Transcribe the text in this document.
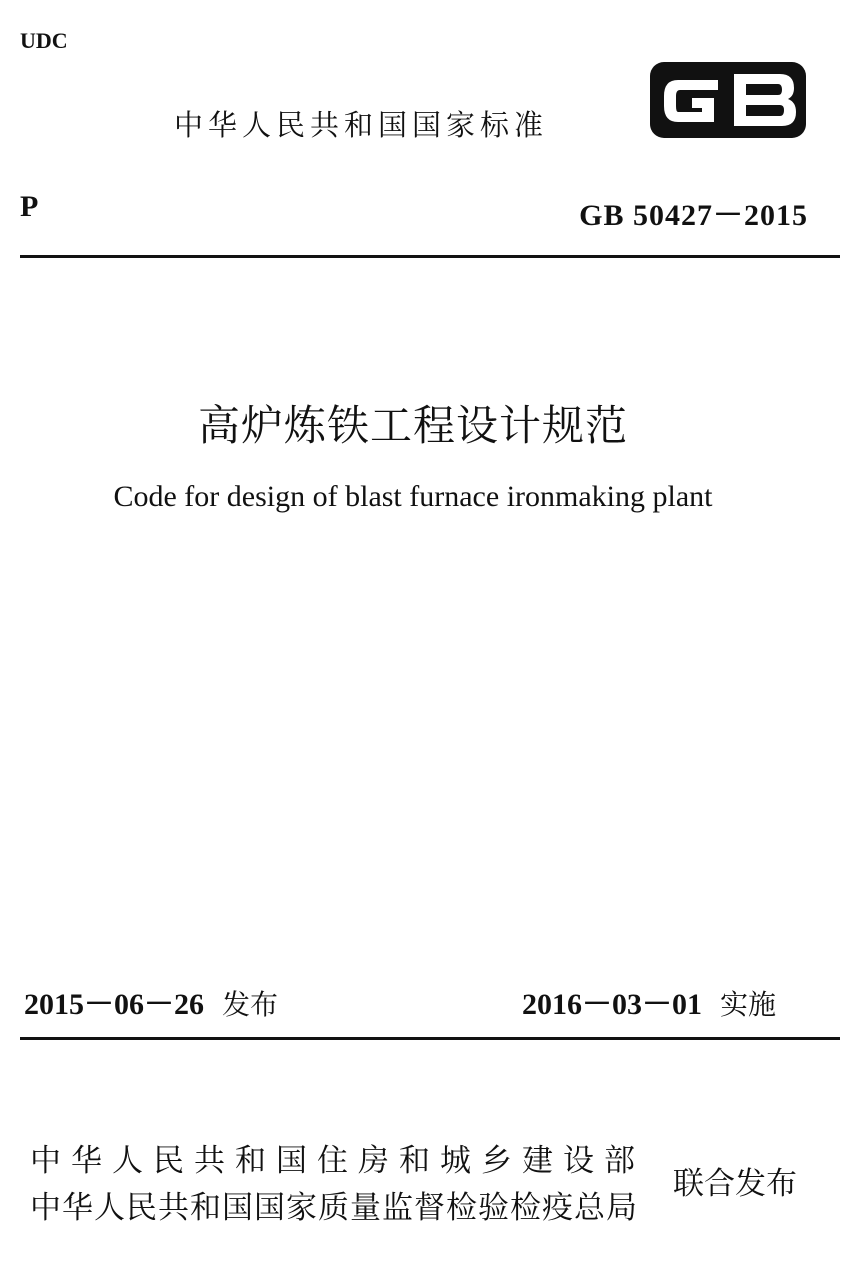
UDC
中华人民共和国国家标准
P	GB 50427－2015
高炉炼铁工程设计规范
Code for design of blast furnace ironmaking plant
2015－06－26 发布	2016－03－01 实施
中华人民共和国住房和城乡建设部
中华人民共和国国家质量监督检验检疫总局
联合发布
